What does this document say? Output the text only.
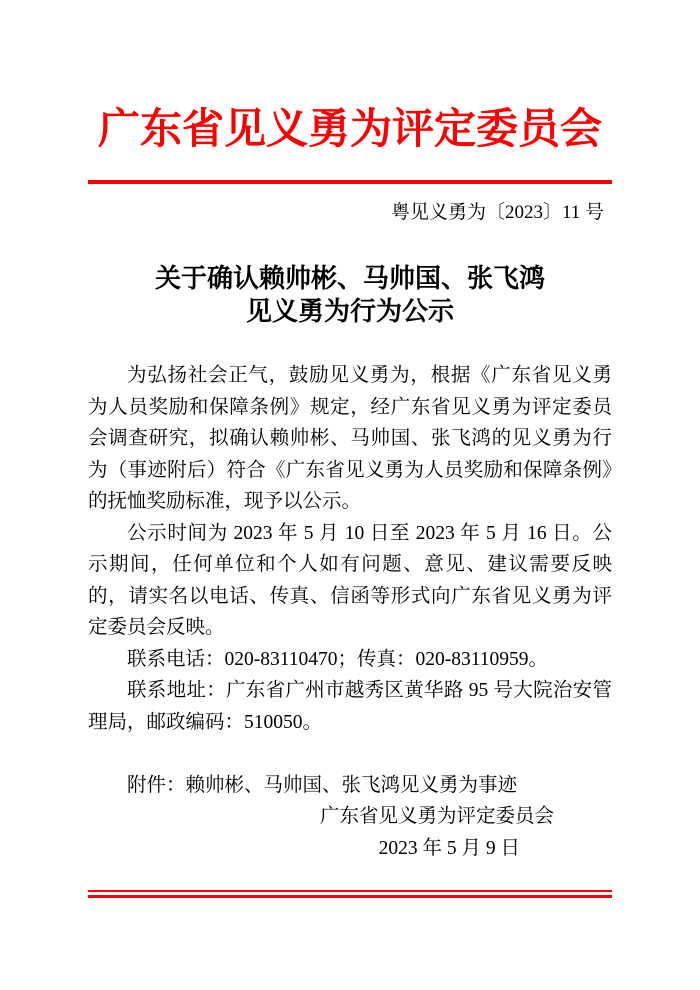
广东省见义勇为评定委员会
粤见义勇为〔2023〕11 号
关于确认赖帅彬、马帅国、张飞鸿
见义勇为行为公示

为弘扬社会正气，鼓励见义勇为，根据《广东省见义勇为人员奖励和保障条例》规定，经广东省见义勇为评定委员会调查研究，拟确认赖帅彬、马帅国、张飞鸿的见义勇为行为（事迹附后）符合《广东省见义勇为人员奖励和保障条例》的抚恤奖励标准，现予以公示。

公示时间为 2023 年 5 月 10 日至 2023 年 5 月 16 日。公示期间，任何单位和个人如有问题、意见、建议需要反映的，请实名以电话、传真、信函等形式向广东省见义勇为评定委员会反映。

联系电话：020-83110470；传真：020-83110959。

联系地址：广东省广州市越秀区黄华路 95 号大院治安管理局，邮政编码：510050。

附件：赖帅彬、马帅国、张飞鸿见义勇为事迹
广东省见义勇为评定委员会
2023 年 5 月 9 日
